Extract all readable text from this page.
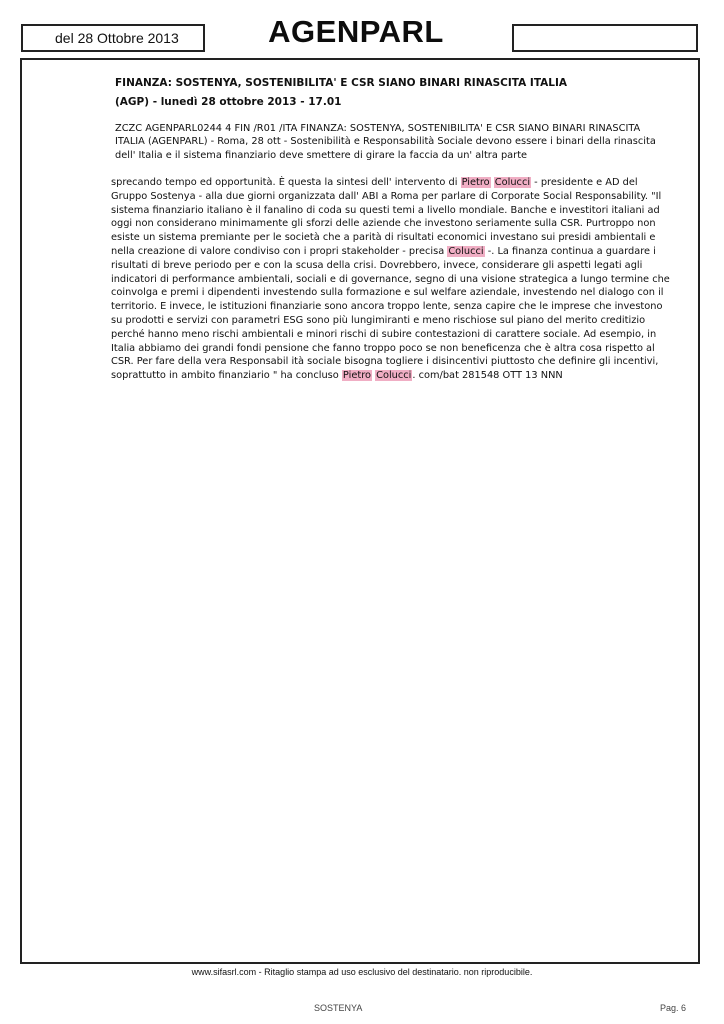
del 28 Ottobre 2013	AGENPARL
FINANZA: SOSTENYA, SOSTENIBILITA' E CSR SIANO BINARI RINASCITA ITALIA
(AGP) - lunedì 28 ottobre 2013 - 17.01
ZCZC AGENPARL0244 4 FIN /R01 /ITA FINANZA: SOSTENYA, SOSTENIBILITA' E CSR SIANO BINARI RINASCITA ITALIA (AGENPARL) - Roma, 28 ott - Sostenibilità e Responsabilità Sociale devono essere i binari della rinascita dell' Italia e il sistema finanziario deve smettere di girare la faccia da un' altra parte
sprecando tempo ed opportunità. È questa la sintesi dell' intervento di Pietro Colucci - presidente e AD del Gruppo Sostenya - alla due giorni organizzata dall' ABI a Roma per parlare di Corporate Social Responsability. "Il sistema finanziario italiano è il fanalino di coda su questi temi a livello mondiale. Banche e investitori italiani ad oggi non considerano minimamente gli sforzi delle aziende che investono seriamente sulla CSR. Purtroppo non esiste un sistema premiante per le società che a parità di risultati economici investano sui presidi ambientali e nella creazione di valore condiviso con i propri stakeholder - precisa Colucci -. La finanza continua a guardare i risultati di breve periodo per e con la scusa della crisi. Dovrebbero, invece, considerare gli aspetti legati agli indicatori di performance ambientali, sociali e di governance, segno di una visione strategica a lungo termine che coinvolga e premi i dipendenti investendo sulla formazione e sul welfare aziendale, investendo nel dialogo con il territorio. E invece, le istituzioni finanziarie sono ancora troppo lente, senza capire che le imprese che investono su prodotti e servizi con parametri ESG sono più lungimiranti e meno rischiose sul piano del merito creditizio perché hanno meno rischi ambientali e minori rischi di subire contestazioni di carattere sociale. Ad esempio, in Italia abbiamo dei grandi fondi pensione che fanno troppo poco se non beneficenza che è altra cosa rispetto al CSR. Per fare della vera Responsabil ità sociale bisogna togliere i disincentivi piuttosto che definire gli incentivi, soprattutto in ambito finanziario " ha concluso Pietro Colucci. com/bat 281548 OTT 13 NNN
www.sifasrl.com - Ritaglio stampa ad uso esclusivo del destinatario. non riproducibile.
SOSTENYA	Pag. 6
